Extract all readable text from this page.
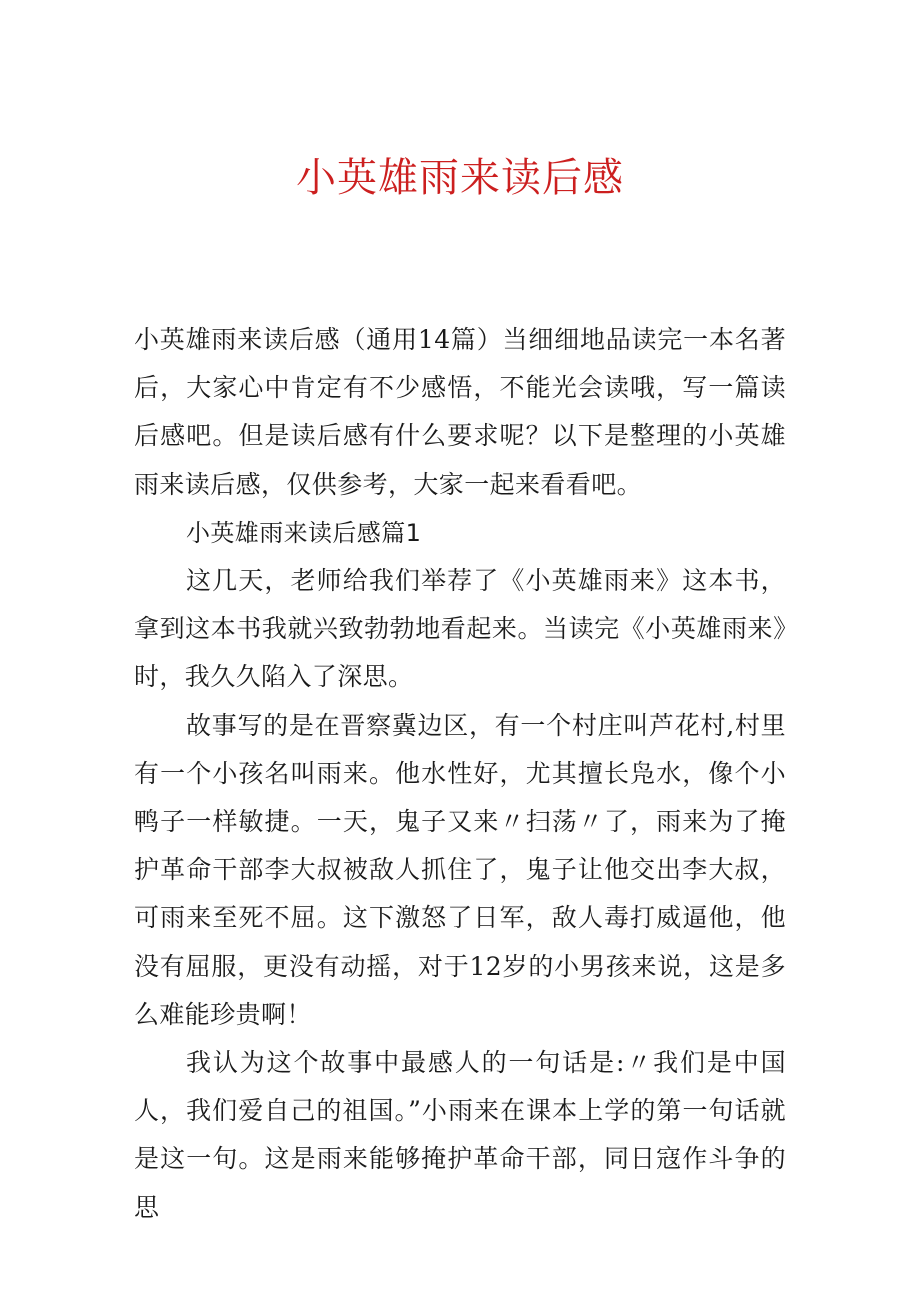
小英雄雨来读后感

小英雄雨来读后感（通用14篇）当细细地品读完一本名著后，大家心中肯定有不少感悟，不能光会读哦，写一篇读后感吧。但是读后感有什么要求呢？以下是整理的小英雄雨来读后感，仅供参考，大家一起来看看吧。

小英雄雨来读后感篇1

这几天，老师给我们举荐了《小英雄雨来》这本书，拿到这本书我就兴致勃勃地看起来。当读完《小英雄雨来》时，我久久陷入了深思。

故事写的是在晋察冀边区，有一个村庄叫芦花村,村里有一个小孩名叫雨来。他水性好，尤其擅长凫水，像个小鸭子一样敏捷。一天，鬼子又来〃扫荡〃了，雨来为了掩护革命干部李大叔被敌人抓住了，鬼子让他交出李大叔，可雨来至死不屈。这下激怒了日军，敌人毒打威逼他，他没有屈服，更没有动摇，对于12岁的小男孩来说，这是多么难能珍贵啊！

我认为这个故事中最感人的一句话是:〃我们是中国人，我们爱自己的祖国。”小雨来在课本上学的第一句话就是这一句。这是雨来能够掩护革命干部，同日寇作斗争的思
